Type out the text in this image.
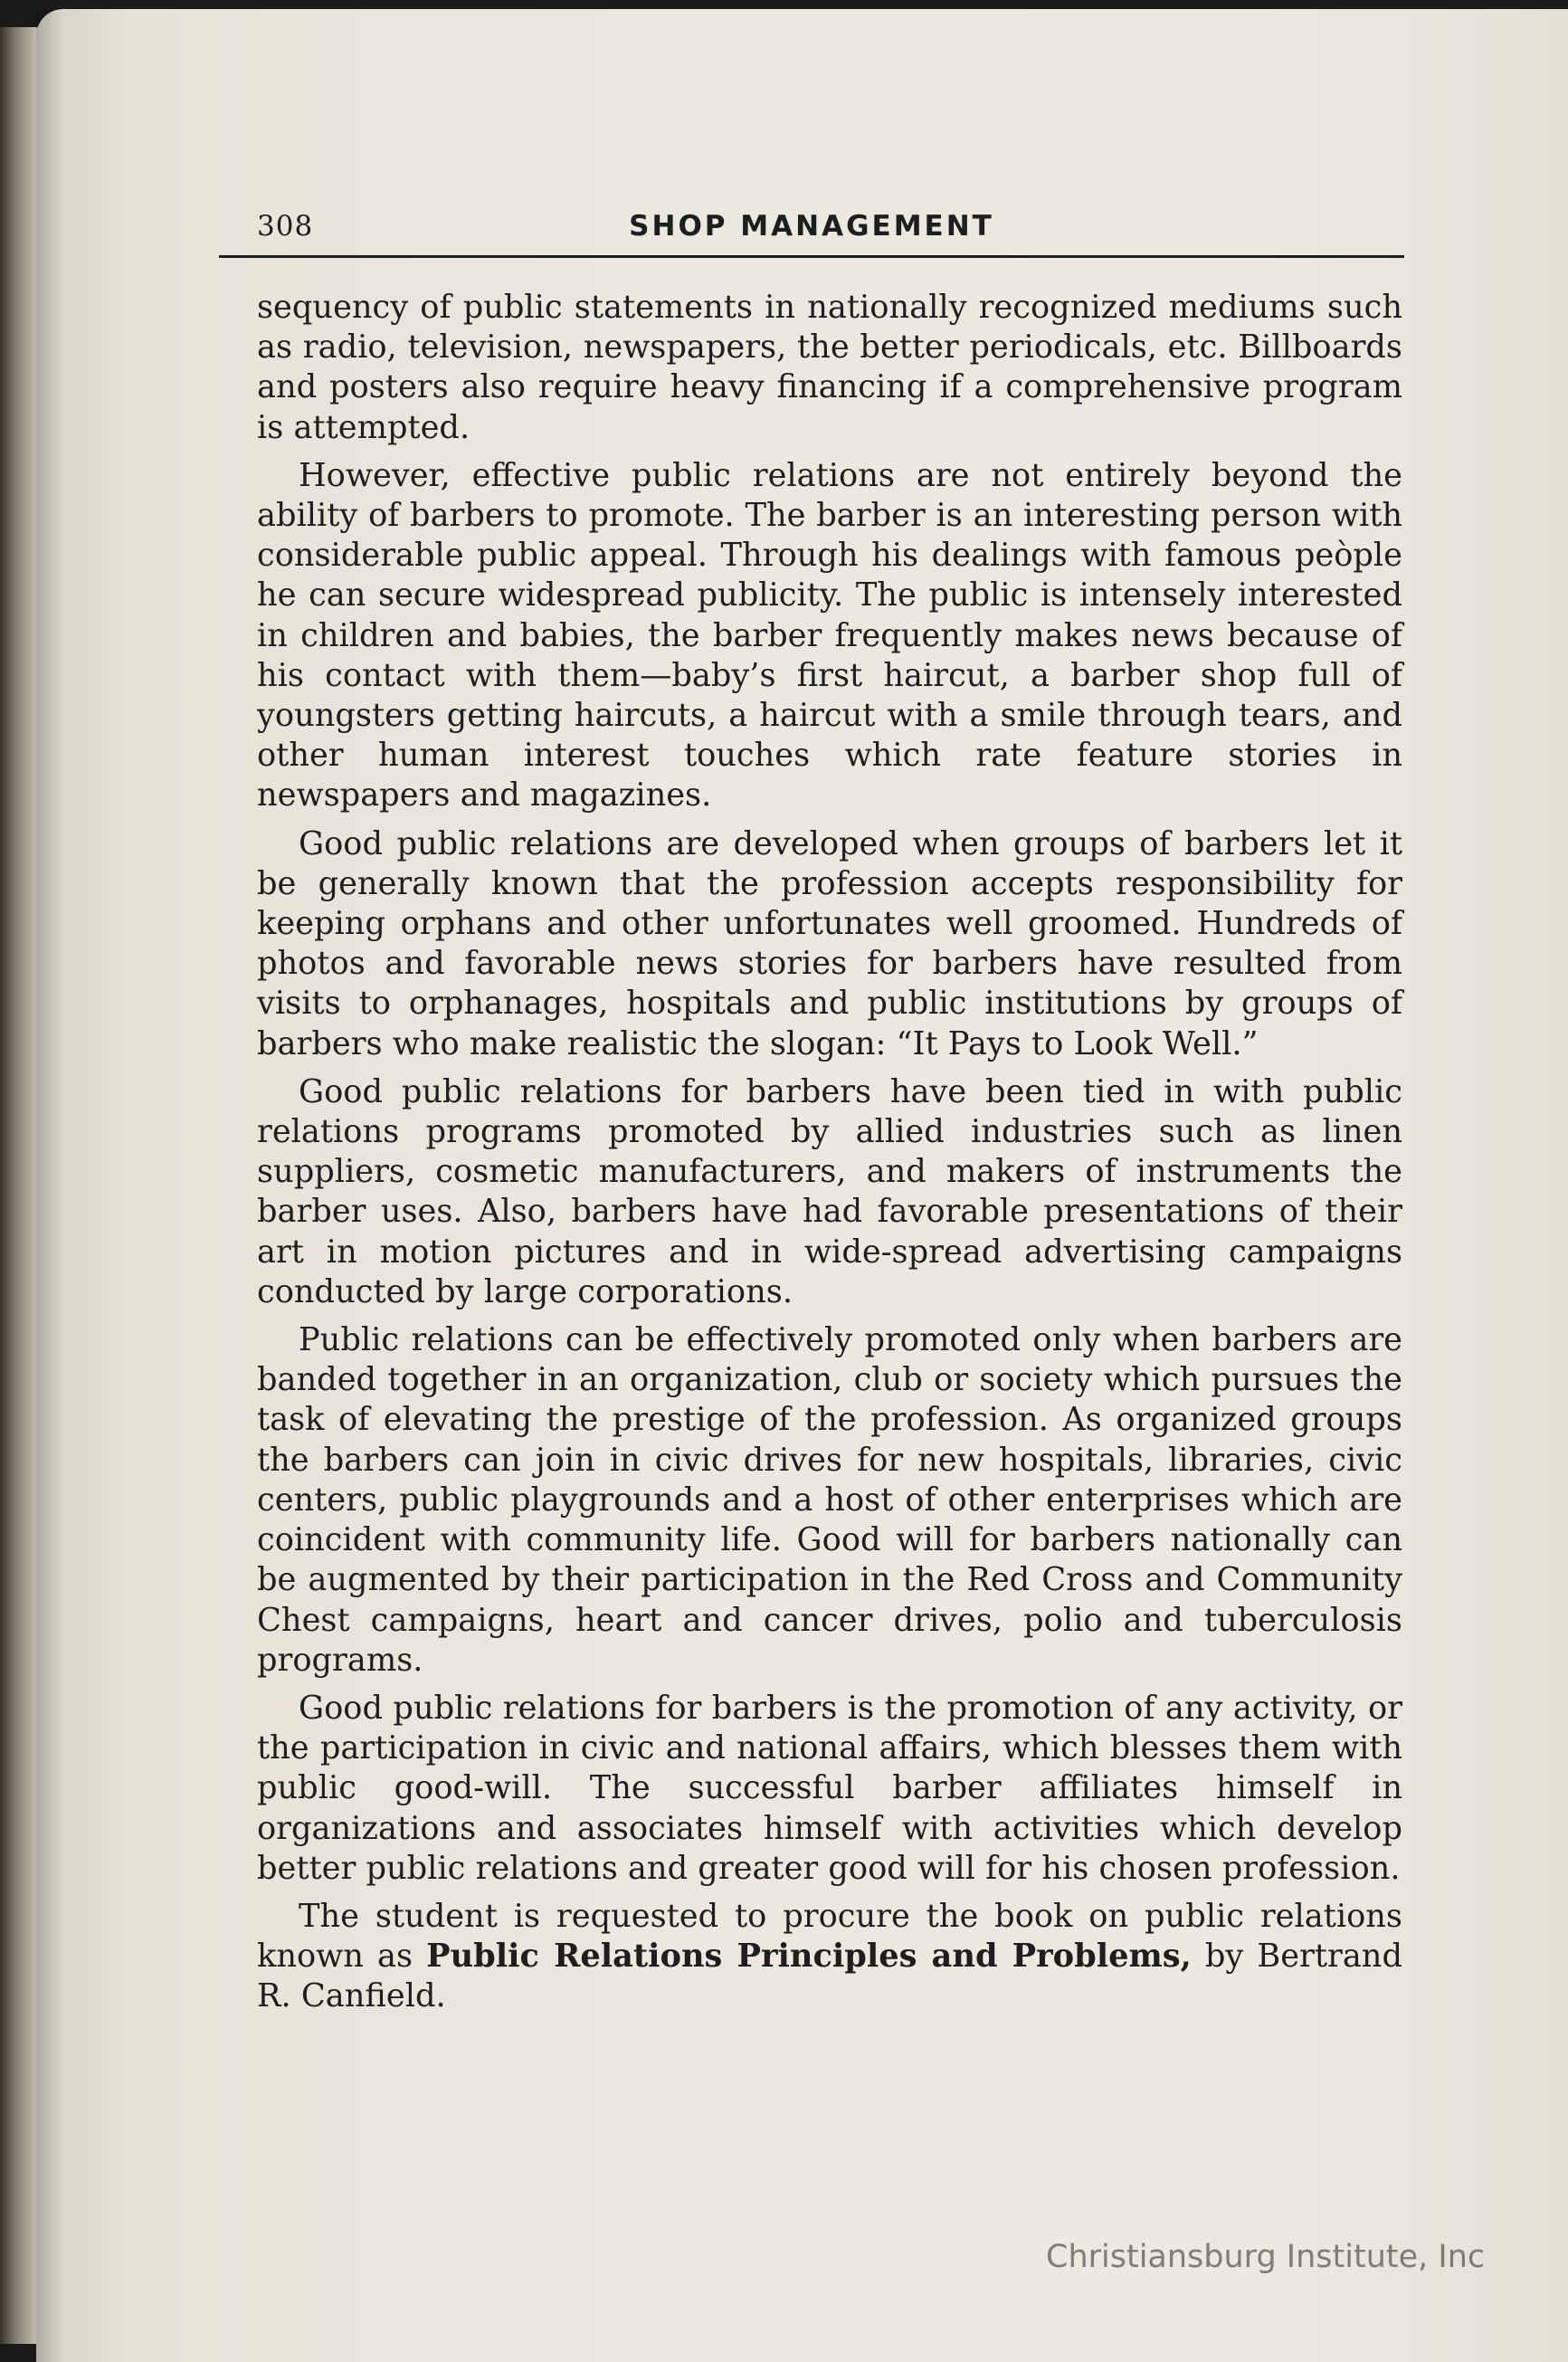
308	SHOP MANAGEMENT

sequency of public statements in nationally recognized mediums such as radio, television, newspapers, the better periodicals, etc. Billboards and posters also require heavy financing if a comprehensive program is attempted.

However, effective public relations are not entirely beyond the ability of barbers to promote. The barber is an interesting person with considerable public appeal. Through his dealings with famous peòple he can secure widespread publicity. The public is intensely interested in children and babies, the barber frequently makes news because of his contact with them—baby’s first haircut, a barber shop full of youngsters getting haircuts, a haircut with a smile through tears, and other human interest touches which rate feature stories in newspapers and magazines.

Good public relations are developed when groups of barbers let it be generally known that the profession accepts responsibility for keeping orphans and other unfortunates well groomed. Hundreds of photos and favorable news stories for barbers have resulted from visits to orphanages, hospitals and public institutions by groups of barbers who make realistic the slogan: “It Pays to Look Well.”

Good public relations for barbers have been tied in with public relations programs promoted by allied industries such as linen suppliers, cosmetic manufacturers, and makers of instruments the barber uses. Also, barbers have had favorable presentations of their art in motion pictures and in wide-spread advertising campaigns conducted by large corporations.

Public relations can be effectively promoted only when barbers are banded together in an organization, club or society which pursues the task of elevating the prestige of the profession. As organized groups the barbers can join in civic drives for new hospitals, libraries, civic centers, public playgrounds and a host of other enterprises which are coincident with community life. Good will for barbers nationally can be augmented by their participation in the Red Cross and Community Chest campaigns, heart and cancer drives, polio and tuberculosis programs.

Good public relations for barbers is the promotion of any activity, or the participation in civic and national affairs, which blesses them with public good-will. The successful barber affiliates himself in organizations and associates himself with activities which develop better public relations and greater good will for his chosen profession.

The student is requested to procure the book on public relations known as Public Relations Principles and Problems, by Bertrand R. Canfield.

Christiansburg Institute, Inc
